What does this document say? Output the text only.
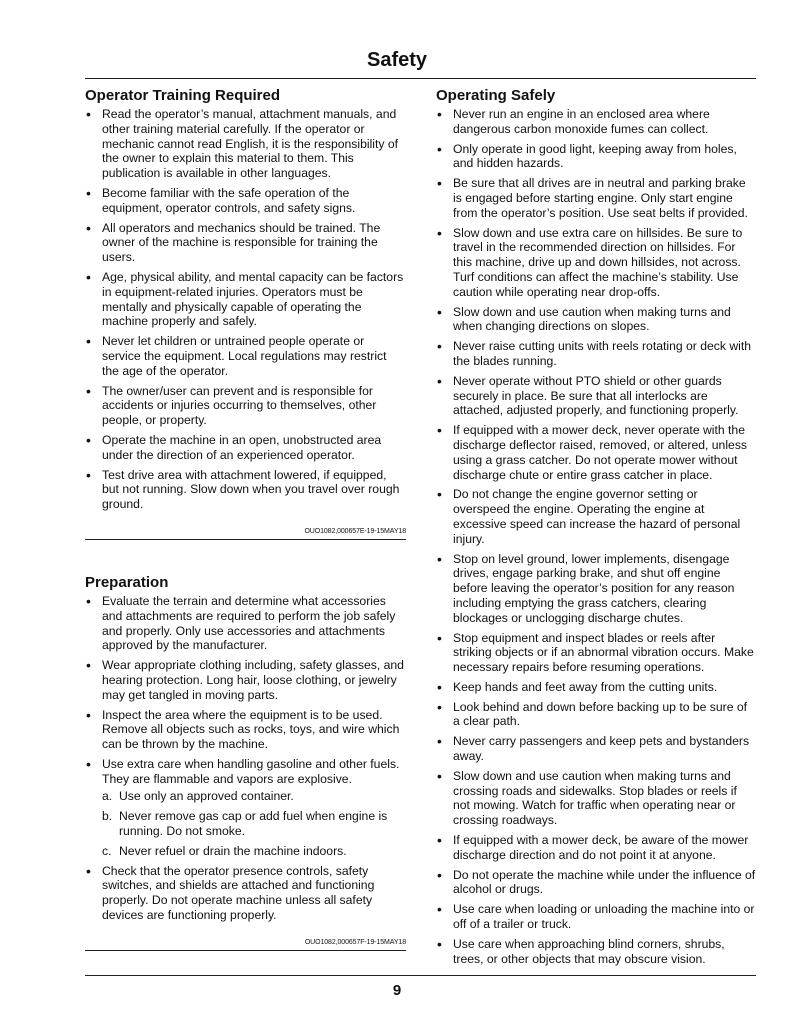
Safety
Operator Training Required
• Read the operator’s manual, attachment manuals, and other training material carefully. If the operator or mechanic cannot read English, it is the responsibility of the owner to explain this material to them. This publication is available in other languages.
• Become familiar with the safe operation of the equipment, operator controls, and safety signs.
• All operators and mechanics should be trained. The owner of the machine is responsible for training the users.
• Age, physical ability, and mental capacity can be factors in equipment-related injuries. Operators must be mentally and physically capable of operating the machine properly and safely.
• Never let children or untrained people operate or service the equipment. Local regulations may restrict the age of the operator.
• The owner/user can prevent and is responsible for accidents or injuries occurring to themselves, other people, or property.
• Operate the machine in an open, unobstructed area under the direction of an experienced operator.
• Test drive area with attachment lowered, if equipped, but not running. Slow down when you travel over rough ground.
OUO1082,000657E-19-15MAY18
Preparation
• Evaluate the terrain and determine what accessories and attachments are required to perform the job safely and properly. Only use accessories and attachments approved by the manufacturer.
• Wear appropriate clothing including, safety glasses, and hearing protection. Long hair, loose clothing, or jewelry may get tangled in moving parts.
• Inspect the area where the equipment is to be used. Remove all objects such as rocks, toys, and wire which can be thrown by the machine.
• Use extra care when handling gasoline and other fuels. They are flammable and vapors are explosive.
a. Use only an approved container.
b. Never remove gas cap or add fuel when engine is running. Do not smoke.
c. Never refuel or drain the machine indoors.
• Check that the operator presence controls, safety switches, and shields are attached and functioning properly. Do not operate machine unless all safety devices are functioning properly.
OUO1082,000657F-19-15MAY18
Operating Safely
• Never run an engine in an enclosed area where dangerous carbon monoxide fumes can collect.
• Only operate in good light, keeping away from holes, and hidden hazards.
• Be sure that all drives are in neutral and parking brake is engaged before starting engine. Only start engine from the operator’s position. Use seat belts if provided.
• Slow down and use extra care on hillsides. Be sure to travel in the recommended direction on hillsides. For this machine, drive up and down hillsides, not across. Turf conditions can affect the machine’s stability. Use caution while operating near drop-offs.
• Slow down and use caution when making turns and when changing directions on slopes.
• Never raise cutting units with reels rotating or deck with the blades running.
• Never operate without PTO shield or other guards securely in place. Be sure that all interlocks are attached, adjusted properly, and functioning properly.
• If equipped with a mower deck, never operate with the discharge deflector raised, removed, or altered, unless using a grass catcher. Do not operate mower without discharge chute or entire grass catcher in place.
• Do not change the engine governor setting or overspeed the engine. Operating the engine at excessive speed can increase the hazard of personal injury.
• Stop on level ground, lower implements, disengage drives, engage parking brake, and shut off engine before leaving the operator’s position for any reason including emptying the grass catchers, clearing blockages or unclogging discharge chutes.
• Stop equipment and inspect blades or reels after striking objects or if an abnormal vibration occurs. Make necessary repairs before resuming operations.
• Keep hands and feet away from the cutting units.
• Look behind and down before backing up to be sure of a clear path.
• Never carry passengers and keep pets and bystanders away.
• Slow down and use caution when making turns and crossing roads and sidewalks. Stop blades or reels if not mowing. Watch for traffic when operating near or crossing roadways.
• If equipped with a mower deck, be aware of the mower discharge direction and do not point it at anyone.
• Do not operate the machine while under the influence of alcohol or drugs.
• Use care when loading or unloading the machine into or off of a trailer or truck.
• Use care when approaching blind corners, shrubs, trees, or other objects that may obscure vision.
9
